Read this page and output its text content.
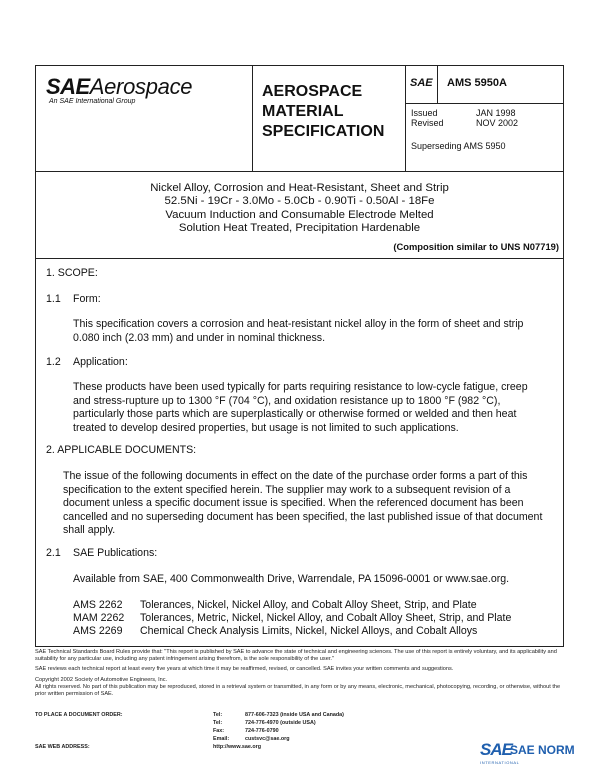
SAEAerospace
An SAE International Group
AEROSPACE
MATERIAL
SPECIFICATION
SAE AMS 5950A
Issued	JAN 1998
Revised	NOV 2002
Superseding AMS 5950
Nickel Alloy, Corrosion and Heat-Resistant, Sheet and Strip
52.5Ni - 19Cr - 3.0Mo - 5.0Cb - 0.90Ti - 0.50Al - 18Fe
Vacuum Induction and Consumable Electrode Melted
Solution Heat Treated, Precipitation Hardenable
(Composition similar to UNS N07719)
1. SCOPE:
1.1 Form:
This specification covers a corrosion and heat-resistant nickel alloy in the form of sheet and strip
0.080 inch (2.03 mm) and under in nominal thickness.
1.2 Application:
These products have been used typically for parts requiring resistance to low-cycle fatigue, creep
and stress-rupture up to 1300 °F (704 °C), and oxidation resistance up to 1800 °F (982 °C),
particularly those parts which are superplastically or otherwise formed or welded and then heat
treated to develop desired properties, but usage is not limited to such applications.
2. APPLICABLE DOCUMENTS:
The issue of the following documents in effect on the date of the purchase order forms a part of this
specification to the extent specified herein. The supplier may work to a subsequent revision of a
document unless a specific document issue is specified. When the referenced document has been
cancelled and no superseding document has been specified, the last published issue of that document
shall apply.
2.1 SAE Publications:
Available from SAE, 400 Commonwealth Drive, Warrendale, PA 15096-0001 or www.sae.org.
AMS 2262 Tolerances, Nickel, Nickel Alloy, and Cobalt Alloy Sheet, Strip, and Plate
MAM 2262 Tolerances, Metric, Nickel, Nickel Alloy, and Cobalt Alloy Sheet, Strip, and Plate
AMS 2269 Chemical Check Analysis Limits, Nickel, Nickel Alloys, and Cobalt Alloys
SAE Technical Standards Board Rules provide that: "This report is published by SAE to advance the state of technical and engineering sciences. The use of this report is entirely voluntary, and its applicability and suitability for any particular use, including any patent infringement arising therefrom, is the sole responsibility of the user."
SAE reviews each technical report at least every five years at which time it may be reaffirmed, revised, or cancelled. SAE invites your written comments and suggestions.
Copyright 2002 Society of Automotive Engineers, Inc.
All rights reserved. No part of this publication may be reproduced, stored in a retrieval system or transmitted, in any form or by any means, electronic, mechanical, photocopying, recording, or otherwise, without the prior written permission of SAE.
TO PLACE A DOCUMENT ORDER:	Tel:	877-606-7323 (inside USA and Canada)
Tel:	724-776-4970 (outside USA)
Fax:	724-776-0790
Email:	custsvc@sae.org
SAE WEB ADDRESS:	http://www.sae.org	SAE
SAE NORM
INTERNATIONAL
